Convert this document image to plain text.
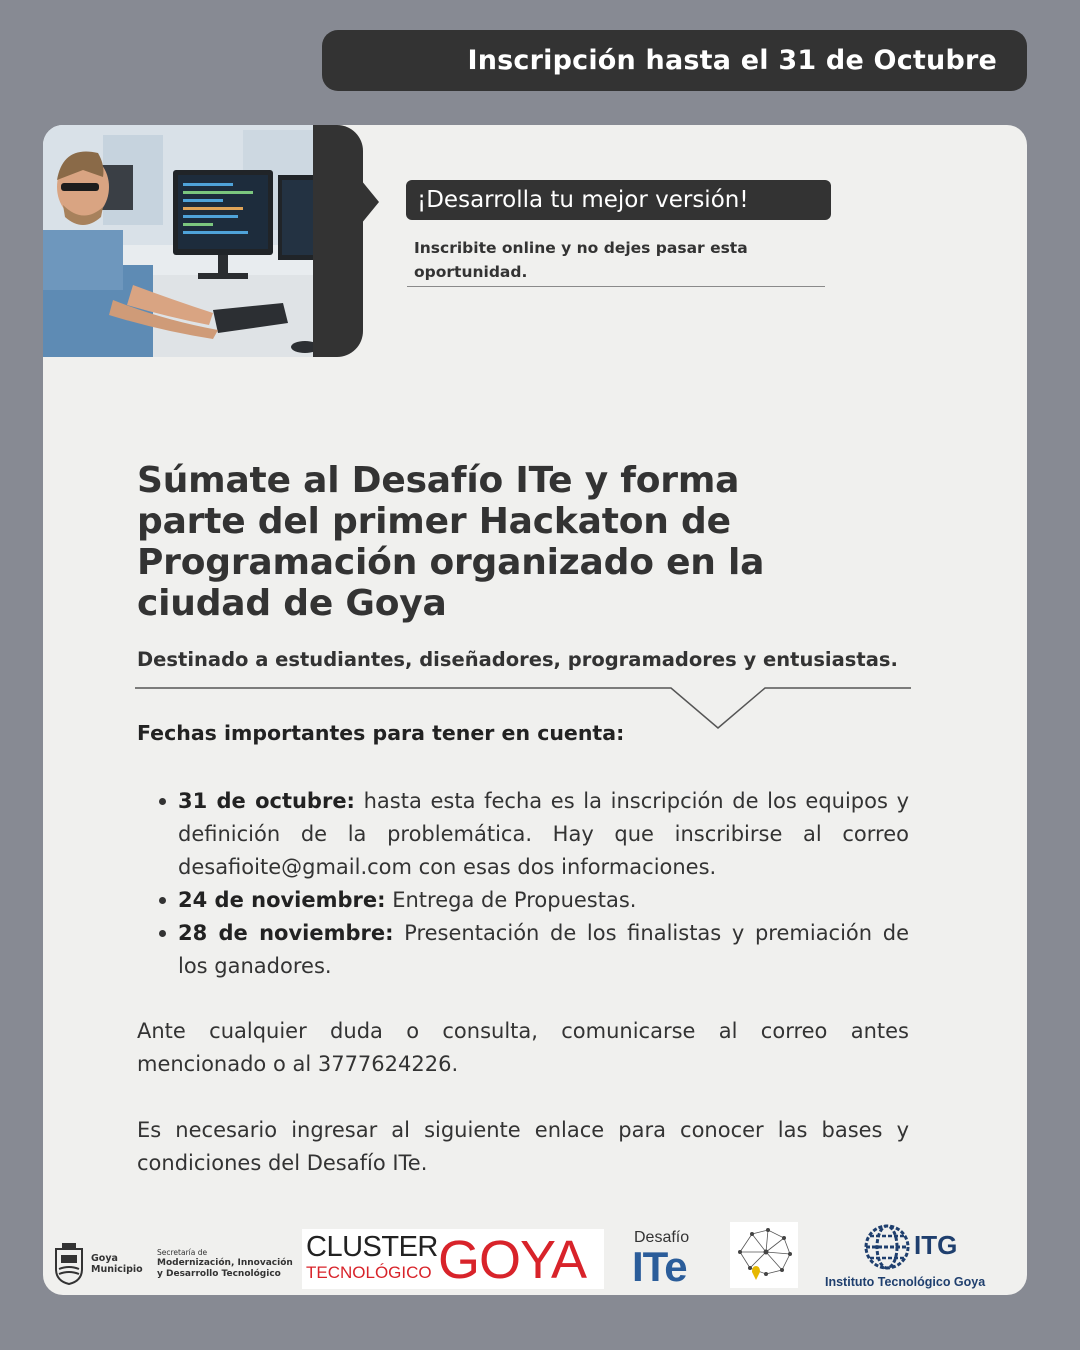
Inscripción hasta el 31 de Octubre
¡Desarrolla tu mejor versión!
Inscribite online y no dejes pasar esta oportunidad.
Súmate al Desafío ITe y forma parte del primer Hackaton de Programación organizado en la ciudad de Goya
Destinado a estudiantes, diseñadores, programadores y entusiastas.
Fechas importantes para tener en cuenta:
31 de octubre: hasta esta fecha es la inscripción de los equipos y definición de la problemática. Hay que inscribirse al correo desafioite@gmail.com con esas dos informaciones.
24 de noviembre: Entrega de Propuestas.
28 de noviembre: Presentación de los finalistas y premiación de los ganadores.

Ante cualquier duda o consulta, comunicarse al correo antes mencionado o al 3777624226.

Es necesario ingresar al siguiente enlace para conocer las bases y condiciones del Desafío ITe.

Goya
Municipio
Secretaría de
Modernización, Innovación
y Desarrollo Tecnológico
CLUSTER
TECNOLÓGICO GOYA	Desafío
ITe	ITG
Instituto Tecnológico Goya
